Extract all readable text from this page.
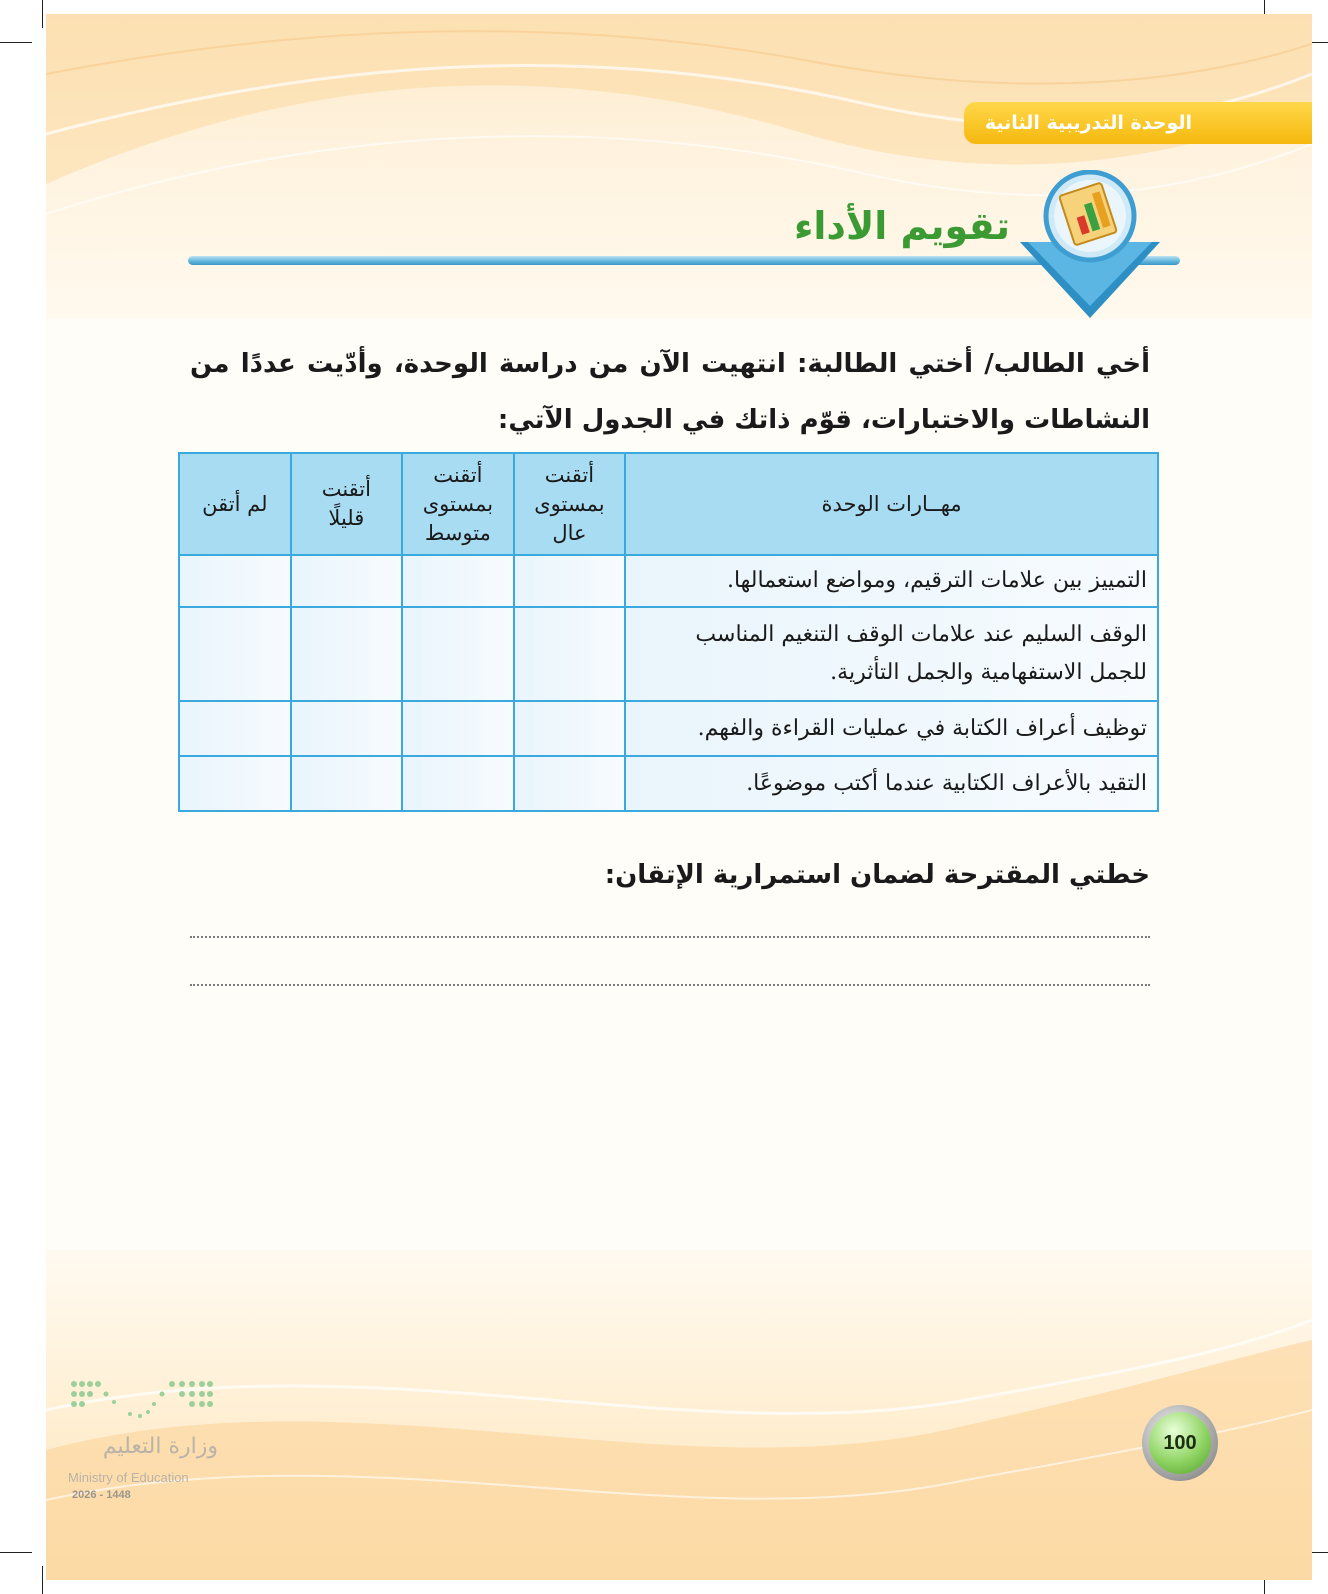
الوحدة التدريبية الثانية
تقويم الأداء
أخي الطالب/ أختي الطالبة: انتهيت الآن من دراسة الوحدة، وأدّيت عددًا من النشاطات والاختبارات، قوّم ذاتك في الجدول الآتي:
مهــارات الوحدة	أتقنت بمستوى عال	أتقنت بمستوى متوسط	أتقنت قليلًا	لم أتقن
التمييز بين علامات الترقيم، ومواضع استعمالها.				
الوقف السليم عند علامات الوقف التنغيم المناسب للجمل الاستفهامية والجمل التأثرية.				
توظيف أعراف الكتابة في عمليات القراءة والفهم.				
التقيد بالأعراف الكتابية عندما أكتب موضوعًا.				
خطتي المقترحة لضمان استمرارية الإتقان:
وزارة التعليم
Ministry of Education
2026 - 1448
100
